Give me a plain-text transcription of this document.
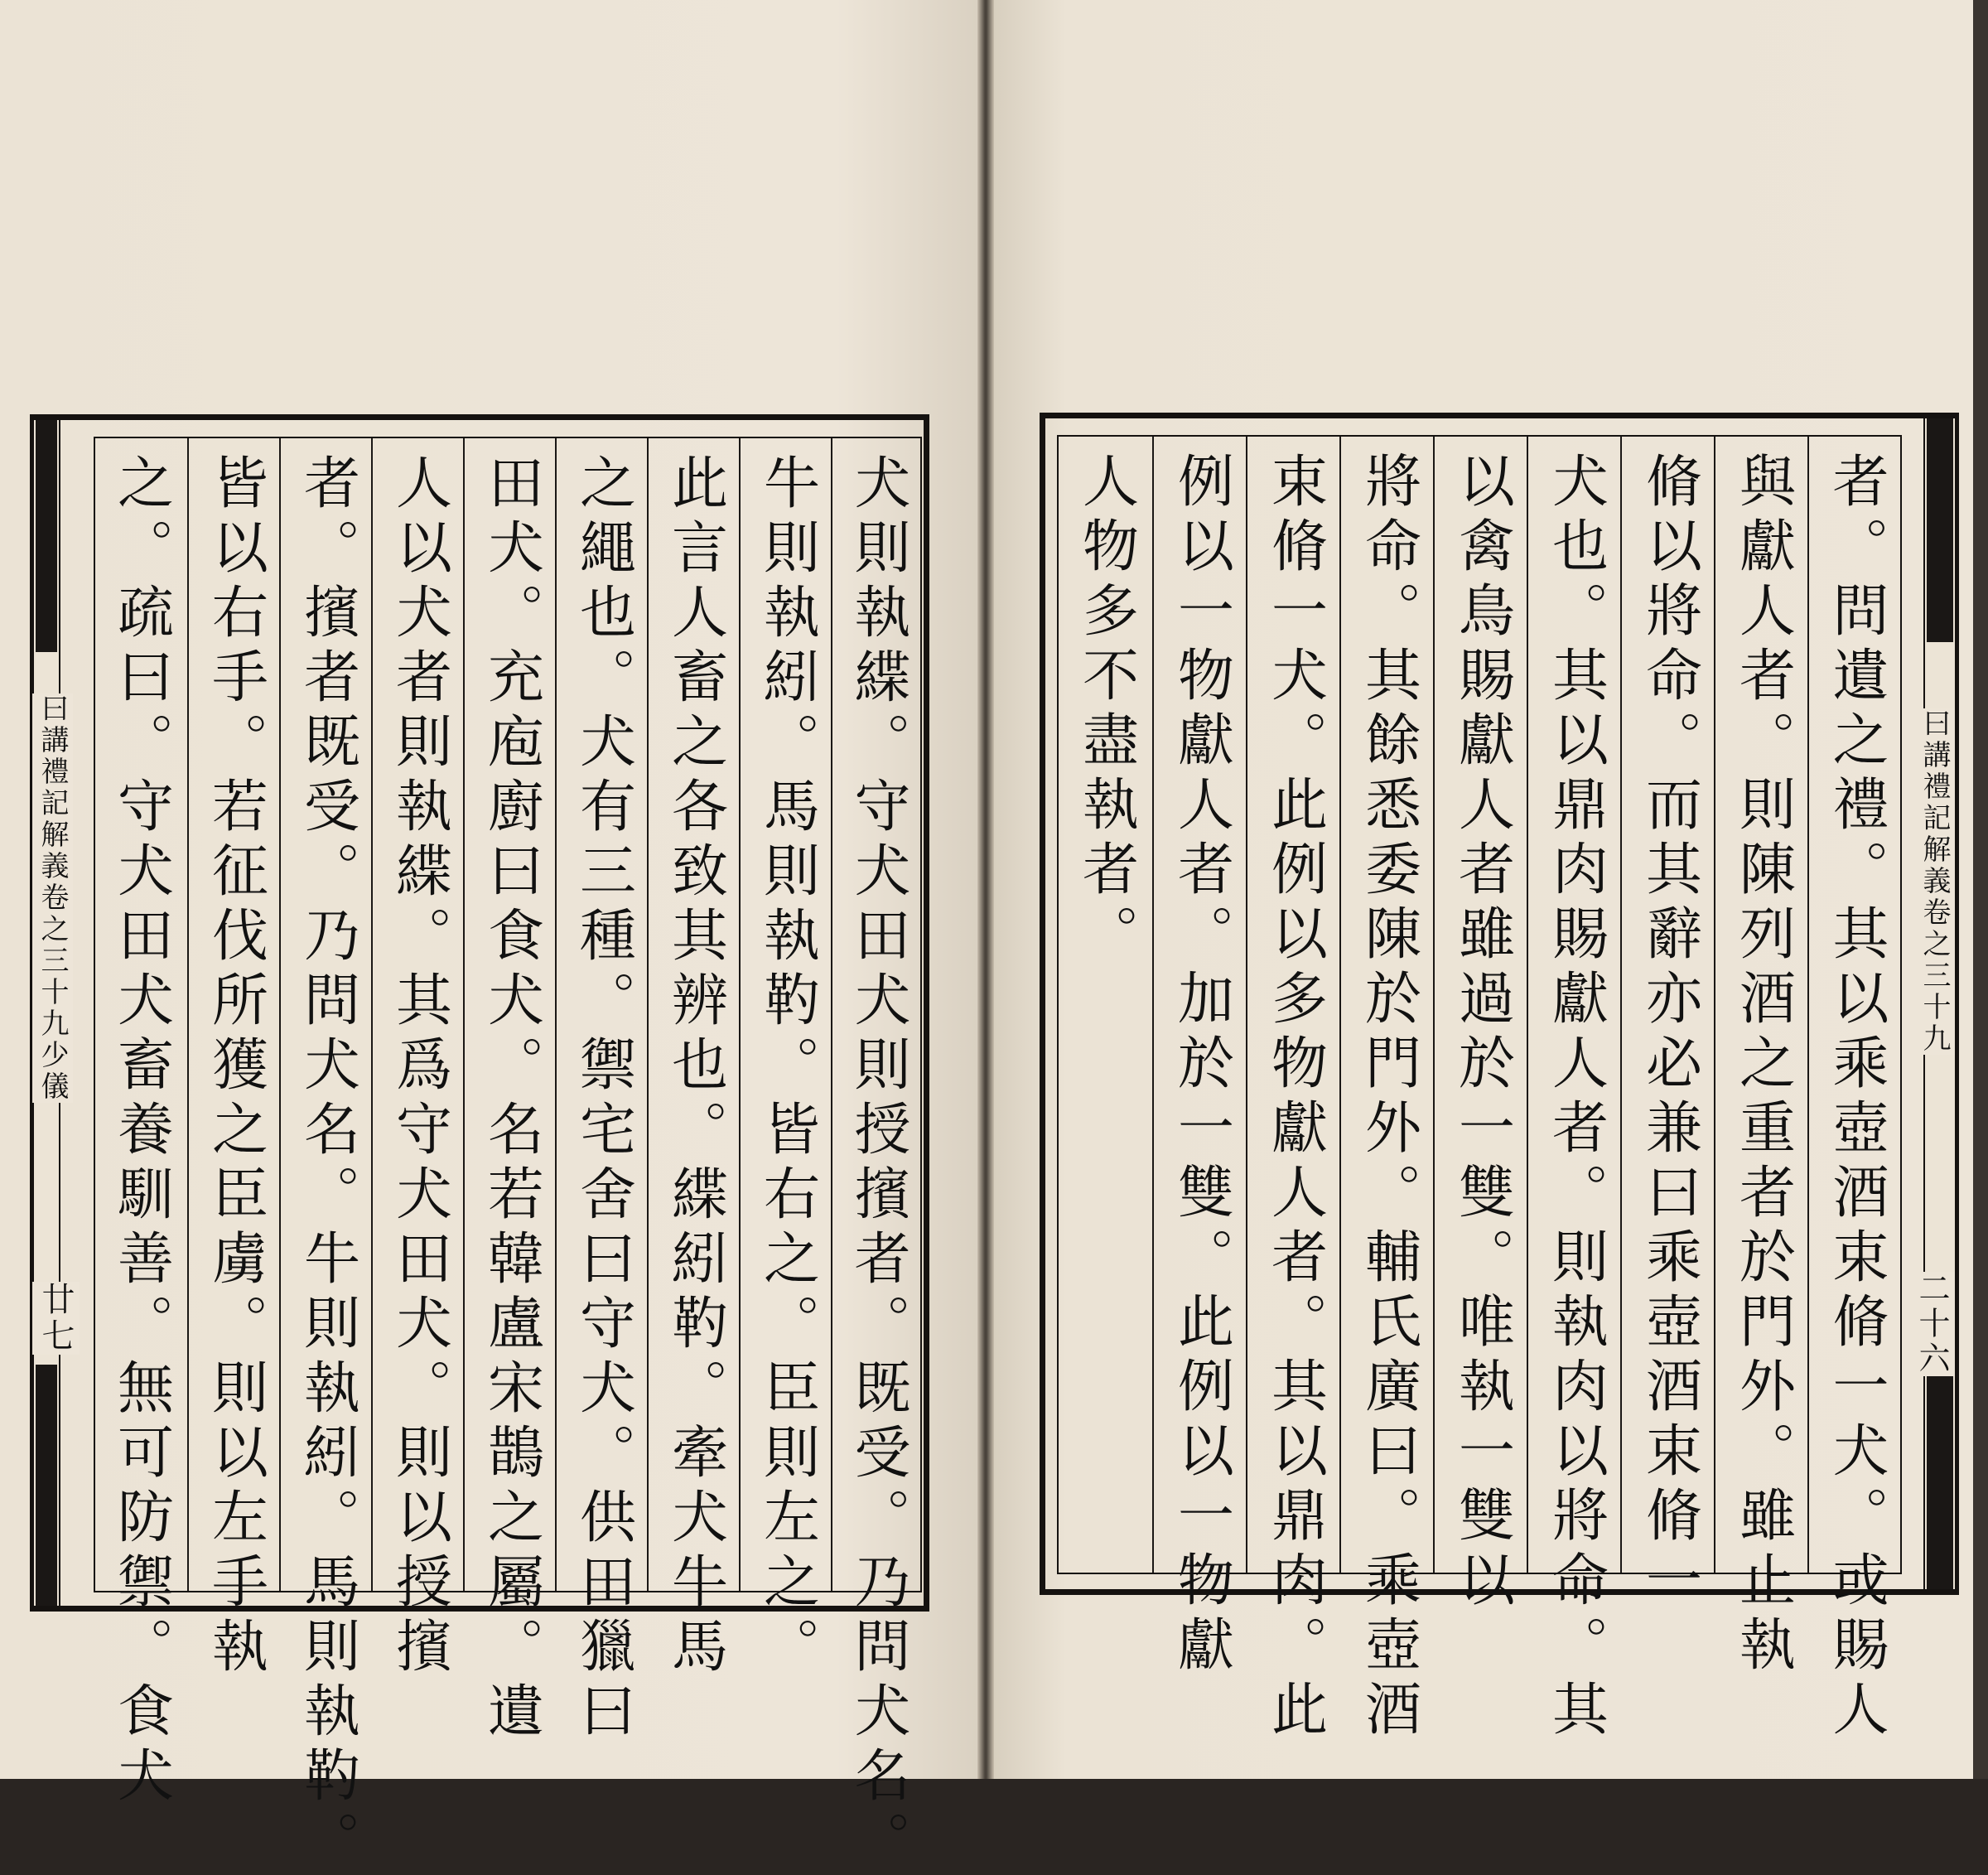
曰講禮記解義卷之三十九少儀
廿七 之。疏曰。守犬田犬畜養馴善。無可防禦。食犬 皆以右手。若征伐所獲之臣虜。則以左手執 者。擯者既受。乃問犬名。牛則執紖。馬則執靮。 人以犬者則執緤。其爲守犬田犬。則以授擯 田犬。充庖廚曰食犬。名若韓盧宋鵲之屬。遺 之繩也。犬有三種。禦宅舍曰守犬。供田獵曰 此言人畜之各致其辨也。緤紖靮。牽犬牛馬 牛則執紖。馬則執靮。皆右之。臣則左之。 犬則執緤。守犬田犬則授擯者。既受。乃問犬名。	曰講禮記解義卷之三十九
二十六
人物多不盡執者。 例以一物獻人者。加於一雙。此例以一物獻 束脩一犬。此例以多物獻人者。其以鼎肉。此 將命。其餘悉委陳於門外。輔氏廣曰。乘壺酒 以禽鳥賜獻人者雖過於一雙。唯執一雙以 犬也。其以鼎肉賜獻人者。則執肉以將命。其 脩以將命。而其辭亦必兼曰乘壺酒束脩一 與獻人者。則陳列酒之重者於門外。雖止執 者。問遺之禮。其以乘壺酒束脩一犬。或賜人
